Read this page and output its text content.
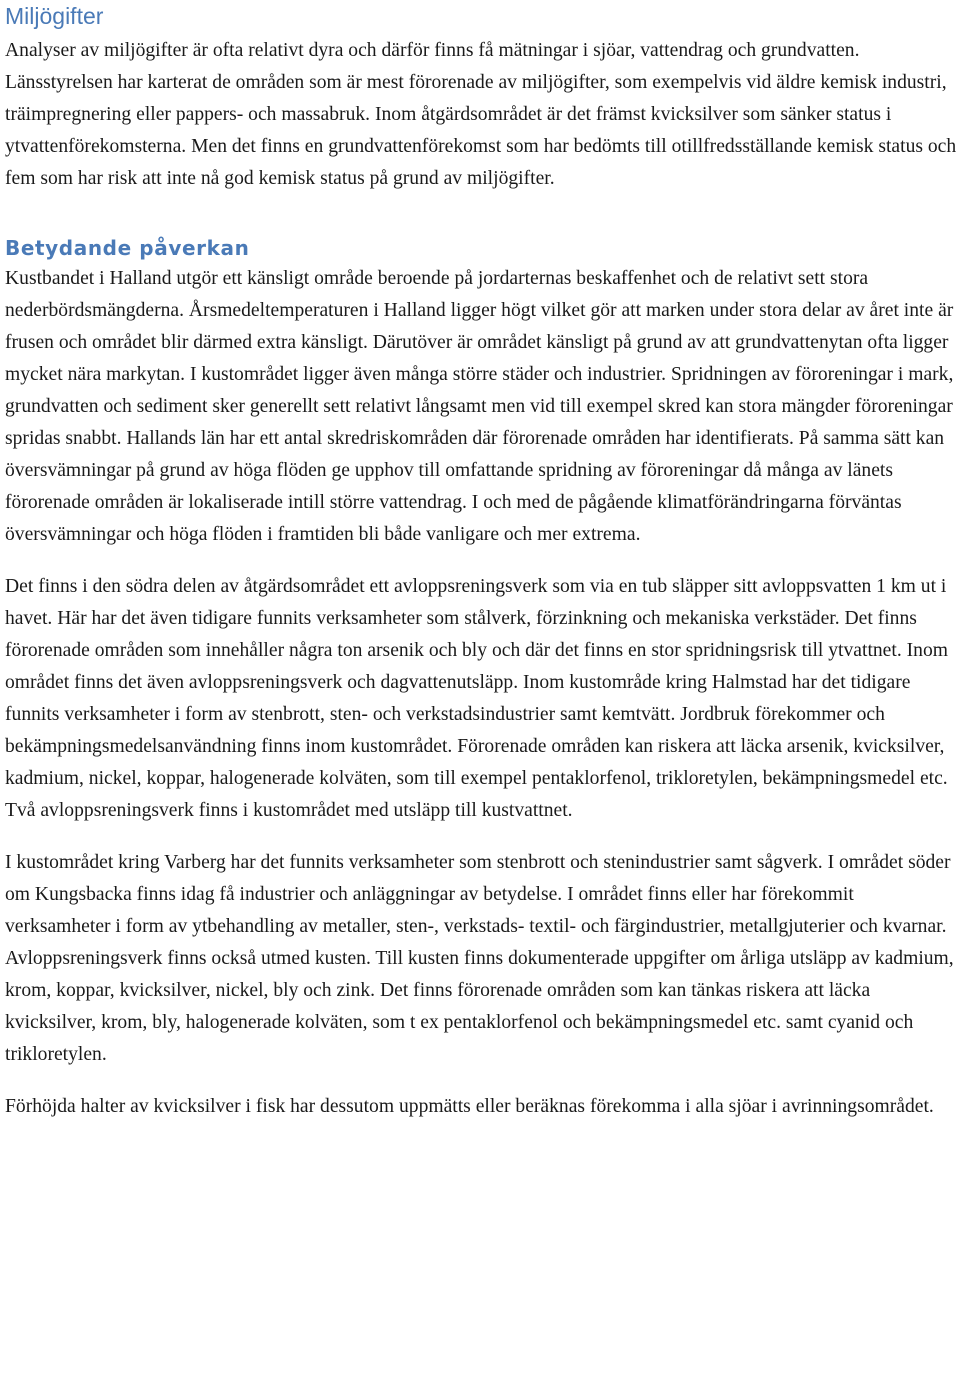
Miljögifter

Analyser av miljögifter är ofta relativt dyra och därför finns få mätningar i sjöar, vattendrag och grundvatten. Länsstyrelsen har karterat de områden som är mest förorenade av miljögifter, som exempelvis vid äldre kemisk industri, träimpregnering eller pappers- och massabruk. Inom åtgärdsområdet är det främst kvicksilver som sänker status i ytvattenförekomsterna. Men det finns en grundvattenförekomst som har bedömts till otillfredsställande kemisk status och fem som har risk att inte nå god kemisk status på grund av miljögifter.

Betydande påverkan

Kustbandet i Halland utgör ett känsligt område beroende på jordarternas beskaffenhet och de relativt sett stora nederbördsmängderna. Årsmedeltemperaturen i Halland ligger högt vilket gör att marken under stora delar av året inte är frusen och området blir därmed extra känsligt. Därutöver är området känsligt på grund av att grundvattenytan ofta ligger mycket nära markytan. I kustområdet ligger även många större städer och industrier. Spridningen av föroreningar i mark, grundvatten och sediment sker generellt sett relativt långsamt men vid till exempel skred kan stora mängder föroreningar spridas snabbt. Hallands län har ett antal skredriskområden där förorenade områden har identifierats. På samma sätt kan översvämningar på grund av höga flöden ge upphov till omfattande spridning av föroreningar då många av länets förorenade områden är lokaliserade intill större vattendrag. I och med de pågående klimatförändringarna förväntas översvämningar och höga flöden i framtiden bli både vanligare och mer extrema.

Det finns i den södra delen av åtgärdsområdet ett avloppsreningsverk som via en tub släpper sitt avloppsvatten 1 km ut i havet. Här har det även tidigare funnits verksamheter som stålverk, förzinkning och mekaniska verkstäder. Det finns förorenade områden som innehåller några ton arsenik och bly och där det finns en stor spridningsrisk till ytvattnet. Inom området finns det även avloppsreningsverk och dagvattenutsläpp. Inom kustområde kring Halmstad har det tidigare funnits verksamheter i form av stenbrott, sten- och verkstadsindustrier samt kemtvätt. Jordbruk förekommer och bekämpningsmedelsanvändning finns inom kustområdet. Förorenade områden kan riskera att läcka arsenik, kvicksilver, kadmium, nickel, koppar, halogenerade kolväten, som till exempel pentaklorfenol, trikloretylen, bekämpningsmedel etc. Två avloppsreningsverk finns i kustområdet med utsläpp till kustvattnet.

I kustområdet kring Varberg har det funnits verksamheter som stenbrott och stenindustrier samt sågverk. I området söder om Kungsbacka finns idag få industrier och anläggningar av betydelse. I området finns eller har förekommit verksamheter i form av ytbehandling av metaller, sten-, verkstads- textil- och färgindustrier, metallgjuterier och kvarnar. Avloppsreningsverk finns också utmed kusten. Till kusten finns dokumenterade uppgifter om årliga utsläpp av kadmium, krom, koppar, kvicksilver, nickel, bly och zink. Det finns förorenade områden som kan tänkas riskera att läcka kvicksilver, krom, bly, halogenerade kolväten, som t ex pentaklorfenol och bekämpningsmedel etc. samt cyanid och trikloretylen.

Förhöjda halter av kvicksilver i fisk har dessutom uppmätts eller beräknas förekomma i alla sjöar i avrinningsområdet.
